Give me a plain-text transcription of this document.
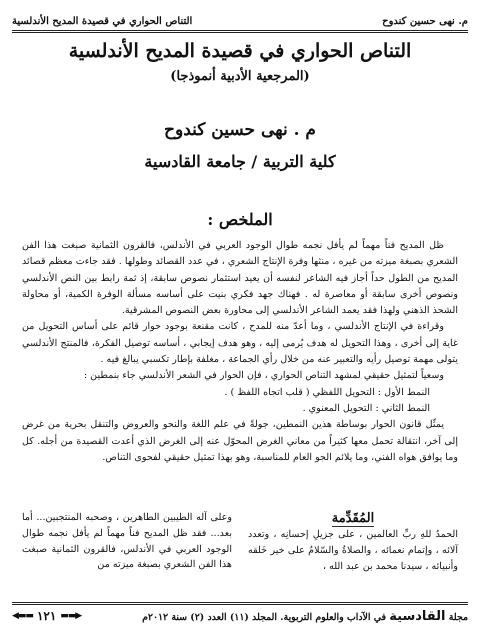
م. نهى حسين كندوح
التناص الحواري في قصيدة المديح الأندلسية
التناص الحواري في قصيدة المديح الأندلسية
(المرجعية الأدبية أنموذجا)

م . نهى حسين كندوح

كلية التربية / جامعة القادسية

الملخص :

ظل المديح فناً مهماً لم يأفل نجمه طوال الوجود العربي في الأندلس، فالقرون الثمانية صبغت هذا الفن الشعري بصبغة ميزته من غيره ، منثها وفرة الإنتاج الشعري ، في عدد القصائد وطولها . فقد جاءت معظم قصائد المديح من الطول حداً أجاز فيه الشاعر لنفسه أن يعيد استثمار نصوص سابقة، إذ ثمة رابط بين النص الأندلسي ونصوص أخرى سابقة أو معاصرة له . فهناك جهد فكري بنيت على أساسه مسألة الوفرة الكمية، أو محاولة الشحذ الذهني ولهذا فقد يعمد الشاعر الأندلسي إلى محاورة بعض النصوص المشرقية.

وقراءة في الإنتاج الأندلسي ، وما أعدّ منه للمدح ، كانت مقنعة بوجود حوار قائم على أساس التحويل من غاية إلى أخرى ، وهذا التحويل له هدف يُرمى إليه ، وهو هدف إيجابي ، أساسه توصيل الفكرة، فالمنتج الأندلسي يتولى مهمة توصيل رأيه والتعبير عنه من خلال رأي الجماعة ، مغلفة بإطار تكسبي يبالغ فيه .

وسعياً لتمثيل حقيقي لمشهد التناص الحواري ، فإن الحوار في الشعر الأندلسي جاء بنمطين :

النمط الأول : التحويل اللفظي ( قلب اتجاه اللفظ ) .

النمط الثاني : التحويل المعنوي .

يمثّل قانون الحوار بوساطة هذين النمطين، جولةً في علم اللغة والنحو والعروض والتنقل بحرية من غرض إلى آخر، انتقالة تحمل معها كثيراً من معاني الغرض المحوّل عنه إلى الغرض الذي أعدت القصيدة من أجله. كل وما يوافق هواه الفني، وما يلائم الجو العام للمناسبة، وهو بهذا تمثيل حقيقي لفحوى التناص.

المُقَدِّمة

الحمدُ للهِ ربِّ العالمين ، على جزيلِ إحسانِه ، وتعدد آلائه ، وإتمام نعمائه ، والصلاةُ والسّلامُ على خير خَلقه وأنبيائه ، سيدنا محمد بن عبد الله ،

وعلى آله الطيبين الطاهرين ، وصحبه المنتجبين... أما بعد... فقد ظل المديح فناً مهماً لم يأفل نجمه طوال الوجود العربي في الأندلس، فالقرون الثمانية صبغت هذا الفن الشعري بصبغة ميزته من

مجلة القادسية في الآداب والعلوم التربوية. المجلد (١١) العدد (٢) سنة ٢٠١٢م
◀▬▬ ١٢١ ▬▬▶
